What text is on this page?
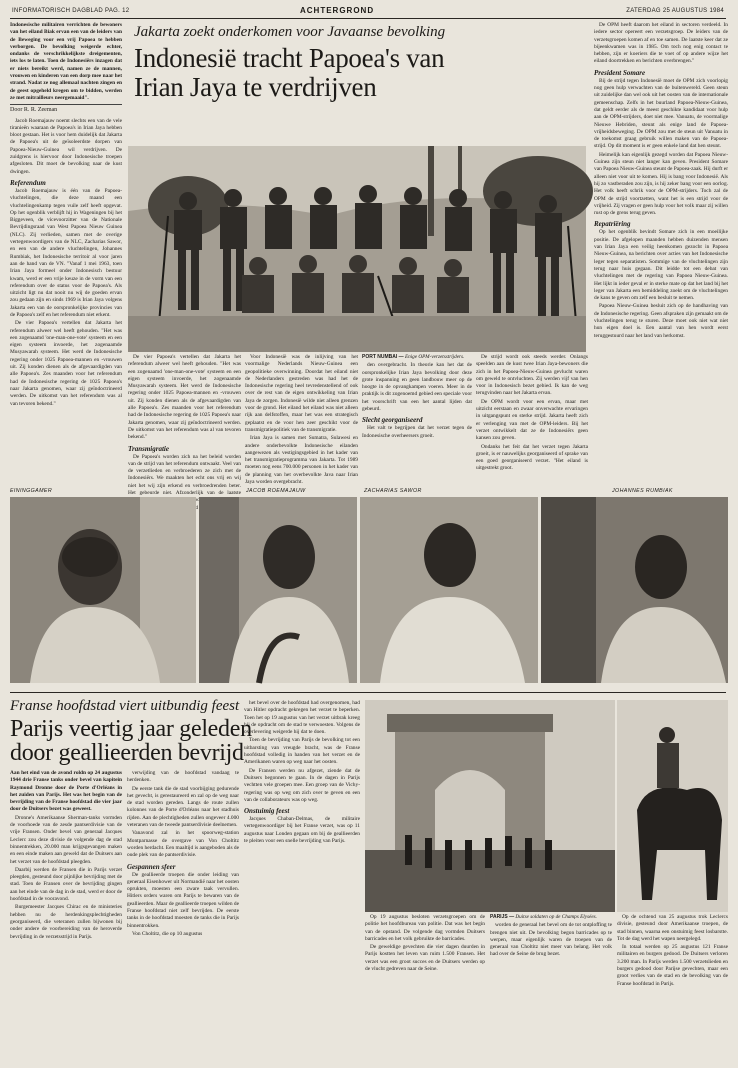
INFORMATORISCH DAGBLAD PAG. 12	ACHTERGROND	ZATERDAG 25 AUGUSTUS 1984

Indonesische militairen verrichten de bewoners van het eiland Biak ervan een van de leiders van de Beweging voor een vrij Papoea te hebben verborgen. De bevolking weigerde echter, ondanks de verschrikkelijkste dreigementen, iets los te laten. Toen de Indonesiërs inzagen dat er niets bereikt werd, namen ze de mannen, vrouwen en kinderen van een dorp mee naar het strand. Nadat ze nog allemaal nachten zingen en de geest opgeheld kregen om te bidden, werden ze met mitrailleurs neergemaaid".

Door R. R. Zeeman

Jacob Roemajauw noemt slechts een van de vele tiranieën waaraan de Papoea's in Irian Jaya hebben bloot gestaan. Het is voor hem duidelijk dat Jakarta de Papoea's uit de geïsoleerdste dorpen van Papoea-Nieuw-Guinea wil verdrijven. De zuidgrens is hiervoor door Indonesische troepen afgesloten. Dit moet de bevolking naar de kust dwingen.

Referendum

Jacob Roemajauw is één van de Papoea-vluchtelingen, die deze maand een vluchtelingenkamp tegen vuile zelf heeft opgevat. Op het ogenblik verblijft hij in Wageningen bij het Biggeveen, de vicevoorzitter van de Nationale Bevrijdingsraad van West Papoea Nieuw Guinea (NLC). Zij verlieden, samen met de overige vertegenwoordigers van de NLC, Zacharias Sawor, en een van de andere vluchtelingen, Johannes Rumbiak, het Indonesische territoir al voor jaren aan de hand van de VN. "Vanaf 1 mei 1963, toen Irian Jaya formeel onder Indonesisch bestuur kwam, werd er een vrije keuze in de vorm van een referendum over de status voor de Papoea's. Als uitzicht ligt nu dat nooit nu wij de goeden ervan zou gedaan zijn en sinds 1969 is Irian Jaya volgens Jakarta een van de oorspronkelijke provincies van de Papoea's zelf en het referendum niet erkent.

De vier Papoea's vertellen dat Jakarta het referendum alweer wel heeft gehouden. "Het was een zogenaamd 'one-man-one-vote' systeem en een eigen systeem invoerde, het zogenaamde Musyawarah systeem. Het werd de Indonesische regering onder 1025 Papoea-mannen en -vrouwen uit. Zij konden dienen als de afgevaardigden van alle Papoea's. Zes maanden voor het referendum had de Indonesische regering de 1025 Papoea's naar Jakarta genomen, waar zij geïndoctrineerd werden. De uitkomst van het referendum was al van tevoren bekend."

Jakarta zoekt onderkomen voor Javaanse bevolking
Indonesië tracht Papoea's van
Irian Jaya te verdrijven

De vier Papoea's vertellen dat Jakarta het referendum alweer wel heeft gehouden. "Het was een zogenaamd 'one-man-one-vote' systeem en een eigen systeem invoerde, het zogenaamde Musyawarah systeem. Het werd de Indonesische regering onder 1025 Papoea-mannen en -vrouwen uit. Zij konden dienen als de afgevaardigden van alle Papoea's. Zes maanden voor het referendum had de Indonesische regering de 1025 Papoea's naar Jakarta genomen, waar zij geïndoctrineerd werden. De uitkomst van het referendum was al van tevoren bekend."

Transmigratie

De Papoea's worden zich na het beleid worden van de strijd van het referendum ontwaakt. Veel van de verzetlieden en verbroederen ze zich met de Indonesiërs. We maakten het echt ons vrij en wij niet het wij zijn erkend en verbroedrenden beter. Het gebeurde niet. Afzonderlijk van de laatste

Voor Indonesië was de inlijving van het voormalige Nederlands Nieuw-Guinea een geopolitieke overwinning. Doordat het eiland niet de Nederlanders gestreden was had het de Indonesische regering heel tevredenstellend of ook over de rest van de eigen ontwikkeling van Irian Jaya de zorgen. Indonesië wilde niet alleen grenzen voor de grond. Het eiland het eiland was niet alleen rijk aan delfstoffen, maar het was een strategisch geplaatst en de voor hen zeer geschikt voor de transmigratiepolitiek van de transmigratie.

Irian Jaya is samen met Sumatra, Sulawesi en andere onderbevolkte Indonesische eilanden aangewezen als vestigingsgebied in het kader van het transmigratieprogramma van Jakarta. Tot 1989 moeten nog eens 700.000 personen in het kader van de planning van het overbevolkte Java naar Irian Jaya worden overgebracht.

PORT NUMBAI — Enige OPM-verzetsstrijders.

den overgebracht. In theorie kan het dat de oorspronkelijke Irian Jaya bevolking door deze grote inspanning en geen landbouw meer op de hoogte in de opvangkampen voeren. Meer in de praktijk is dit zogenoemd gebied een speciale voor het voorschrift van een het aantal lijden dat gebeurd.

Slecht georganiseerd

Het valt te begrijpen dat het verzet tegen de Indonesische overheersers groeit.

De strijd wordt ook steeds werder. Onlangs speelden aan de kust twee Irian Jaya-bewoners die zich in het Papoea-Nieuw-Guinea gevlucht waren om geweld te ontvluchten. Zij werden vijf van hen voor in Indonesisch bezet gebied. Ik kan de weg terugvinden naar het Jakarta ervan.

De OPM wordt voor een ervan, maar met uitzicht eerstaan en zwaar onverwachte ervaringen in uitgangspunt en sterke strijd. Jakarta heeft zich er verlenging van met de OPM-leiders. Bij het verzet ontwikkelt dat ze de Indonesiërs geen kansen zou geven.

Ondanks het feit dat het verzet tegen Jakarta groeit, is er nauwelijks georganiseerd of sprake van een goed georganiseerd verzet. "Het eiland is uitgestrekt groot.

De OPM heeft daarom het eiland in sectoren verdeeld. In iedere sector opereert een verzetsgroep. De leiders van de verzetsgroepen komen af en toe samen. De laatste keer dat ze bijeenkwamen was in 1985. Om toch nog enig contact te hebben, zijn er koeriers die te voet of op andere wijze het eiland doortrekken en berichten overbrengen."

President Somare

Bij de strijd tegen Indonesië moet de OPM zich voorlopig nog geen hulp verwachten van de buitenwereld. Geen steun uit zuidelijke dan wel ook uit het oosten van de internationale gemeenschap. Zelfs in het buurland Papoea-Nieuw-Guinea, dat geldt eerder als de meest geschikte kandidaat voor hulp aan de OPM-strijders, doet niet mee. Vanuatu, de voormalige Nieuwe Hebriden, steunt als enige land de Papoea-vrijheidsbeweging. De OPM zou met de steun uit Vanuatu in de toekomst graag gebruik willen maken van de Papoea-strijd. Op dit moment is er geen enkele land dat hen steunt.

Heimelijk kan eigenlijk gezegd worden dat Papoea Nieuw-Guinea zijn steun niet langer kan geven. President Somare van Papoea Nieuw-Guinea steunt de Papoea-zaak. Hij durft er alleen niet voor uit te komen. Hij is bang voor Indonesië. Als hij zo vastberaden zou zijn, is hij zeker bang voor een oorlog. Het volk heeft schrik voor de OPM-strijders. Toch zal de OPM de strijd voortzetten, want het is een strijd voor de vrijheid. Zij vragen er geen hulp voor het volk maar zij willen rust op de grens terug geven.

Repatriëring

Op het ogenblik bevindt Somare zich in een moeilijke positie. De afgelopen maanden hebben duizenden mensen van Irian Jaya een veilig heenkomen gezocht in Papoea Nieuw-Guinea, na berichten over acties van het Indonesische leger tegen separatisten. Sommige van de vluchtelingen zijn terug naar huis gegaan. Dit leidde tot een debat van vluchtelingen met de regering van Papoea Nieuw-Guinea. Het lijkt in ieder geval er in sterke mate op dat het land bij het leger van Jakarta een bemiddeling zoekt om de vluchtelingen de kans te geven om zelf een besluit te nemen.

Papoea Nieuw-Guinea besluit zich op de handhaving van de Indonesische regering. Geen afspraken zijn gemaakt om de vluchtelingen terug te sturen. Deze moet ook niet wat niet hun eigen doel is. Een aantal van hen wordt eerst teruggestuurd naar het land van herkomst.

EININGGAMER	JACOB ROEMAJAUW	ZACHARIAS SAWOR	JOHANNES RUMBIAK
Franse hoofdstad viert uitbundig feest
Parijs veertig jaar geleden
door geallieerden bevrijd

Aan het eind van de avond roldn op 24 augustus 1944 drie Franse tanks onder bevel van kapitein Raymond Dronne door de Porte d'Orléans in het zuiden van Parijs. Het was het begin van de bevrijding van de Franse hoofdstad die vier jaar door de Duitsers bezet was geweest.

Dronne's Amerikaanse Sherman-tanks vormden de voorhoede van de zesde pantserdivisie van de vrije Fransen. Onder bevel van generaal Jacques Leclerc zou deze divisie de volgende dag de stad binnentrekken, 20.000 man krijgsgevangen maken en een einde maken aan geweld dat de Duitsers aan het verzet van de hoofdstad pleegden.

Daarbij werden de Fransen die in Parijs verzet pleegden, gesteund door pijnlijke bevrijding met de stad. Toen de Fransen over de bevrijding gingen aan het einde van de dag in de stad, werd er door de hoofdstad in de vooravond.

Burgemeester Jacques Chirac en de ministeries hebben nu de herdenkingsplechtigheden georganiseerd, die veteranen zullen bijwonen bij onder andere de voorbereiding van de heroverde bevrijding in de verzetsstrijd in Parijs.

verwijding van de hoofdstad vandaag te herdenken.

De eerste tank die de stad voorbijging gedurende het gevecht, is gerestaureerd en zal op de weg naar de stad worden gereden. Langs de route zullen kolonnes van de Porte d'Orléans naar het stadhuis rijden. Aan de plechtigheden zullen ongeveer 4.000 veteranen van de tweede pantserdivisie deelnemen.

Vanavond zal in het spoorweg-station Montparnasse de overgave van Von Choltitz worden herdacht. Een maaltijd is aangeboden als de oude plek van de pantserdivisie.

Gespannen sfeer

De geallieerde troepen die onder leiding van generaal Eisenhower uit Normandië naar het oosten oprukten, moesten een zware taak vervullen. Hitlers orders waren om Parijs te bewaren van de geallieerden. Maar de geallieerde troepen wilden de Franse hoofdstad niet zelf bevrijden. De eerste tanks in de hoofdstad moesten de tanks die in Parijs binnentrokken.

Von Choltitz, die op 10 augustus

het bevel over de hoofdstad had overgenomen, had van Hitler opdracht gekregen het verzet te beperken. Toen het op 19 augustus van het verzet uitbrak kreeg hij de opdracht om de stad te verwoesten. Volgens de overlevering weigerde hij dat te doen.

Toen de bevrijding van Parijs de bevolking tot een uitbarsting van vreugde bracht, was de Franse hoofdstad volledig in handen van het verzet en de Amerikanen waren op weg naar het oosten.

De Fransen werden nu afgezet, ziende dat de Duitsers begonnen te gaan. In de dagen in Parijs vechtten vele groepen mee. Een groep van de Vichy-regering was op weg om zich over te geven en een van de collaborateurs was op weg.

Onstuimig feest

Jacques Chaban-Delmas, de militaire vertegenwoordiger bij het Franse verzet, was op 11 augustus naar Londen gegaan om bij de geallieerden te pleiten voor een snelle bevrijding van Parijs.

Op 19 augustus besloten verzetsgroepen om de politie het hoofdbureau van politie. Dat was het begin van de opstand. De volgende dag vormden Duitsers barricades en het volk gebruikte de barricades.

De geweldige gevechten die vier dagen duurden in Parijs kostten het leven van ruim 1.500 Fransen. Het verzet was een groot succes en de Duitsers werden op de vlucht gedreven naar de Seine.

PARIJS — Duitse soldaten op de Champs Elysées.

worden de generaal het bevel om de tot ontploffing te brengen niet uit. De bevolking begon barricades op te werpen, maar eigenlijk waren de troepen van de generaal van Choltitz niet meer van belang. Het volk had over de Seine de brug bezet.

Op de ochtend van 25 augustus trok Leclercs divisie, gesteund door Amerikaanse troepen, de stad binnen, waarna een onstuimig feest losbarstte. Tot de dag werd het wapen neergelegd.

In totaal werden op 25 augustus 121 Franse militairen en burgers gedood. De Duitsers verloren 3.200 man. In Parijs werden 1.500 verzetslieden en burgers gedood door Parijse gevechten, maar een groot verlies van de stad en de bevolking van de Franse hoofdstad in Parijs.
